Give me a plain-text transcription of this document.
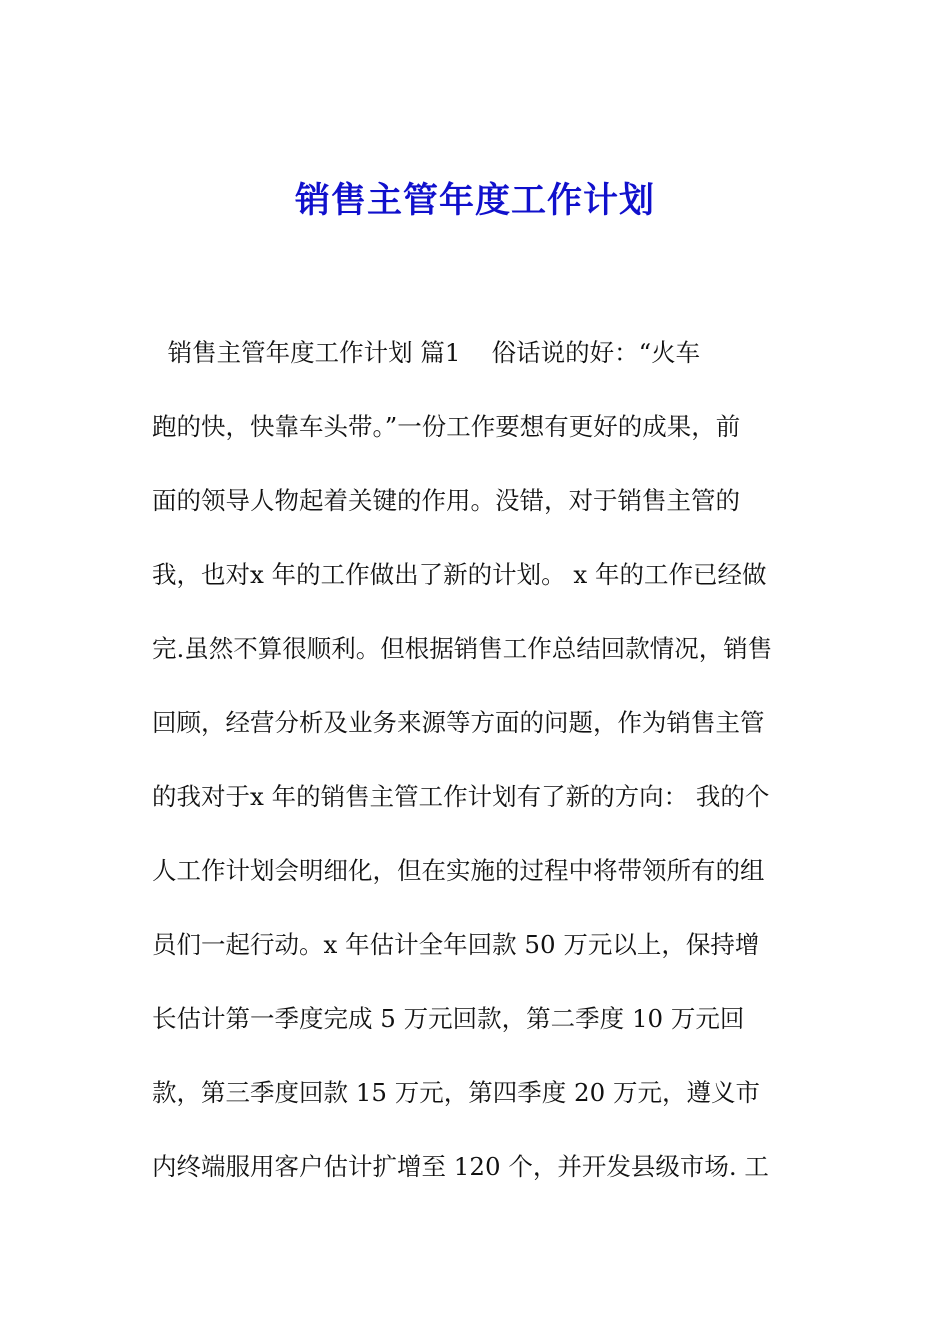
销售主管年度工作计划
销售主管年度工作计划 篇1    俗话说的好：“火车
跑的快，快靠车头带。”一份工作要想有更好的成果，前
面的领导人物起着关键的作用。没错，对于销售主管的
我，也对x 年的工作做出了新的计划。 x 年的工作已经做
完.虽然不算很顺利。但根据销售工作总结回款情况，销售
回顾，经营分析及业务来源等方面的问题，作为销售主管
的我对于x 年的销售主管工作计划有了新的方向： 我的个
人工作计划会明细化，但在实施的过程中将带领所有的组
员们一起行动。x 年估计全年回款 50 万元以上，保持增
长估计第一季度完成 5 万元回款，第二季度 10 万元回
款，第三季度回款 15 万元，第四季度 20 万元，遵义市
内终端服用客户估计扩增至 120 个，并开发县级市场. 工
